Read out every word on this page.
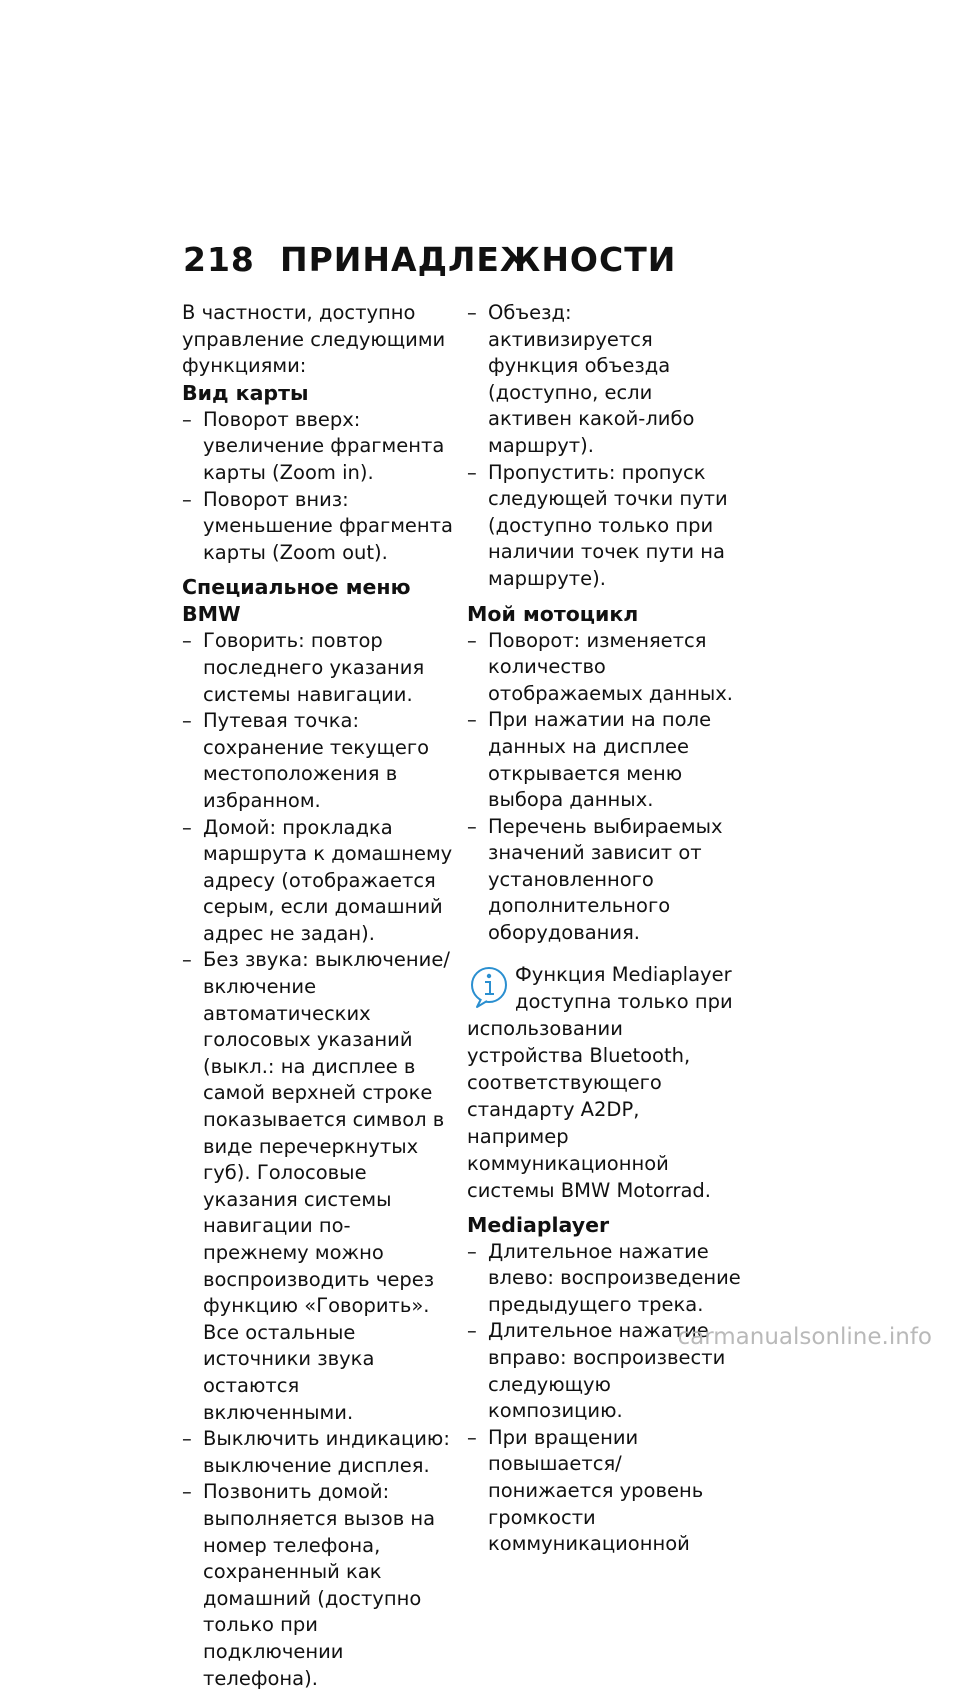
218 ПРИНАДЛЕЖНОСТИ

В частности, доступно управление следующими функциями:

Вид карты

– Поворот вверх: увеличение фрагмента карты (Zoom in).
– Поворот вниз: уменьшение фрагмента карты (Zoom out).

Специальное меню BMW

– Говорить: повтор последнего указания системы навигации.
– Путевая точка: сохранение текущего местоположения в избранном.
– Домой: прокладка маршрута к домашнему адресу (отображается серым, если домашний адрес не задан).
– Без звука: выключение/включение автоматических голосовых указаний (выкл.: на дисплее в самой верхней строке показывается символ в виде перечеркнутых губ). Голосовые указания системы навигации по-прежнему можно воспроизводить через функцию «Говорить». Все остальные источники звука остаются включенными.
– Выключить индикацию: выключение дисплея.
– Позвонить домой: выполняется вызов на номер телефона, сохраненный как домашний (доступно только при подключении телефона).
– Объезд: активизируется функция объезда (доступно, если активен какой-либо маршрут).
– Пропустить: пропуск следующей точки пути (доступно только при наличии точек пути на маршруте).

Мой мотоцикл

– Поворот: изменяется количество отображаемых данных.
– При нажатии на поле данных на дисплее открывается меню выбора данных.
– Перечень выбираемых значений зависит от установленного дополнительного оборудования.

Функция Mediaplayer доступна только при использовании устройства Bluetooth, соответствующего стандарту A2DP, например коммуникационной системы BMW Motorrad.

Mediaplayer

– Длительное нажатие влево: воспроизведение предыдущего трека.
– Длительное нажатие вправо: воспроизвести следующую композицию.
– При вращении повышается/понижается уровень громкости коммуникационной
carmanualsonline.info
